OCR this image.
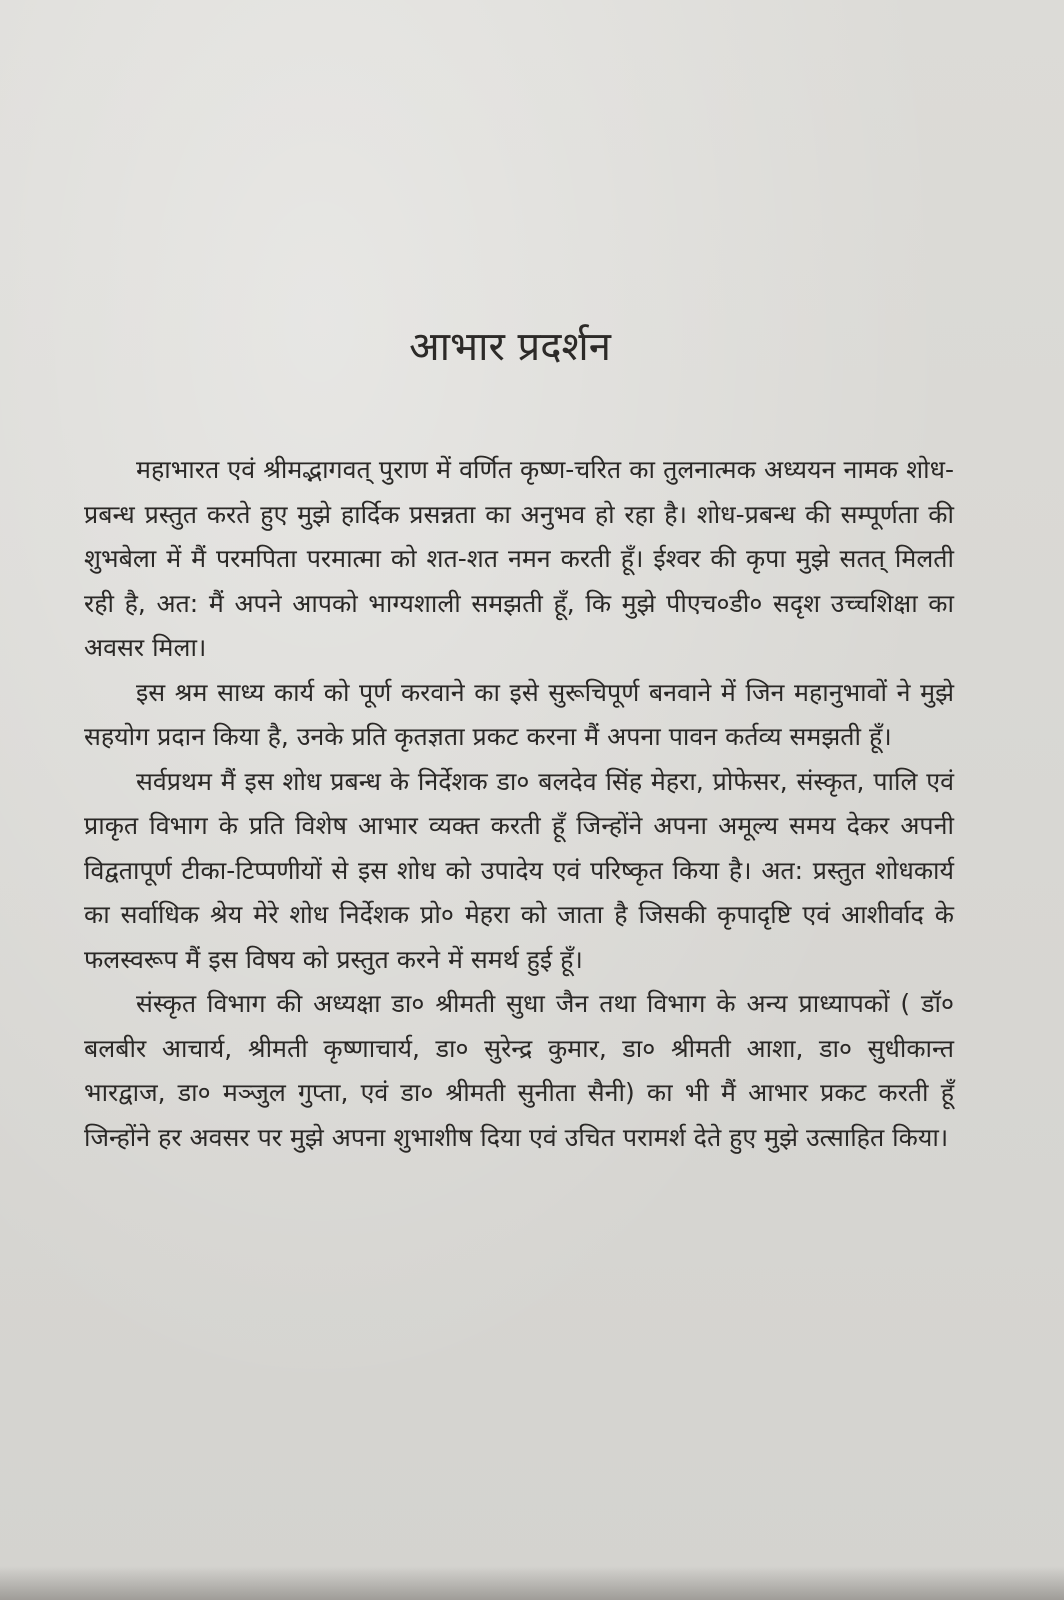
आभार प्रदर्शन

महाभारत एवं श्रीमद्भागवत् पुराण में वर्णित कृष्ण-चरित का तुलनात्मक अध्ययन नामक शोध-प्रबन्ध प्रस्तुत करते हुए मुझे हार्दिक प्रसन्नता का अनुभव हो रहा है। शोध-प्रबन्ध की सम्पूर्णता की शुभबेला में मैं परमपिता परमात्मा को शत-शत नमन करती हूँ। ईश्वर की कृपा मुझे सतत् मिलती रही है, अत: मैं अपने आपको भाग्यशाली समझती हूँ, कि मुझे पीएच०डी० सदृश उच्चशिक्षा का अवसर मिला।

इस श्रम साध्य कार्य को पूर्ण करवाने का इसे सुरूचिपूर्ण बनवाने में जिन महानुभावों ने मुझे सहयोग प्रदान किया है, उनके प्रति कृतज्ञता प्रकट करना मैं अपना पावन कर्तव्य समझती हूँ।

सर्वप्रथम मैं इस शोध प्रबन्ध के निर्देशक डा० बलदेव सिंह मेहरा, प्रोफेसर, संस्कृत, पालि एवं प्राकृत विभाग के प्रति विशेष आभार व्यक्त करती हूँ जिन्होंने अपना अमूल्य समय देकर अपनी विद्वतापूर्ण टीका-टिप्पणीयों से इस शोध को उपादेय एवं परिष्कृत किया है। अत: प्रस्तुत शोधकार्य का सर्वाधिक श्रेय मेरे शोध निर्देशक प्रो० मेहरा को जाता है जिसकी कृपादृष्टि एवं आशीर्वाद के फलस्वरूप मैं इस विषय को प्रस्तुत करने में समर्थ हुई हूँ।

संस्कृत विभाग की अध्यक्षा डा० श्रीमती सुधा जैन तथा विभाग के अन्य प्राध्यापकों ( डॉ० बलबीर आचार्य, श्रीमती कृष्णाचार्य, डा० सुरेन्द्र कुमार, डा० श्रीमती आशा, डा० सुधीकान्त भारद्वाज, डा० मञ्जुल गुप्ता, एवं डा० श्रीमती सुनीता सैनी) का भी मैं आभार प्रकट करती हूँ जिन्होंने हर अवसर पर मुझे अपना शुभाशीष दिया एवं उचित परामर्श देते हुए मुझे उत्साहित किया।
